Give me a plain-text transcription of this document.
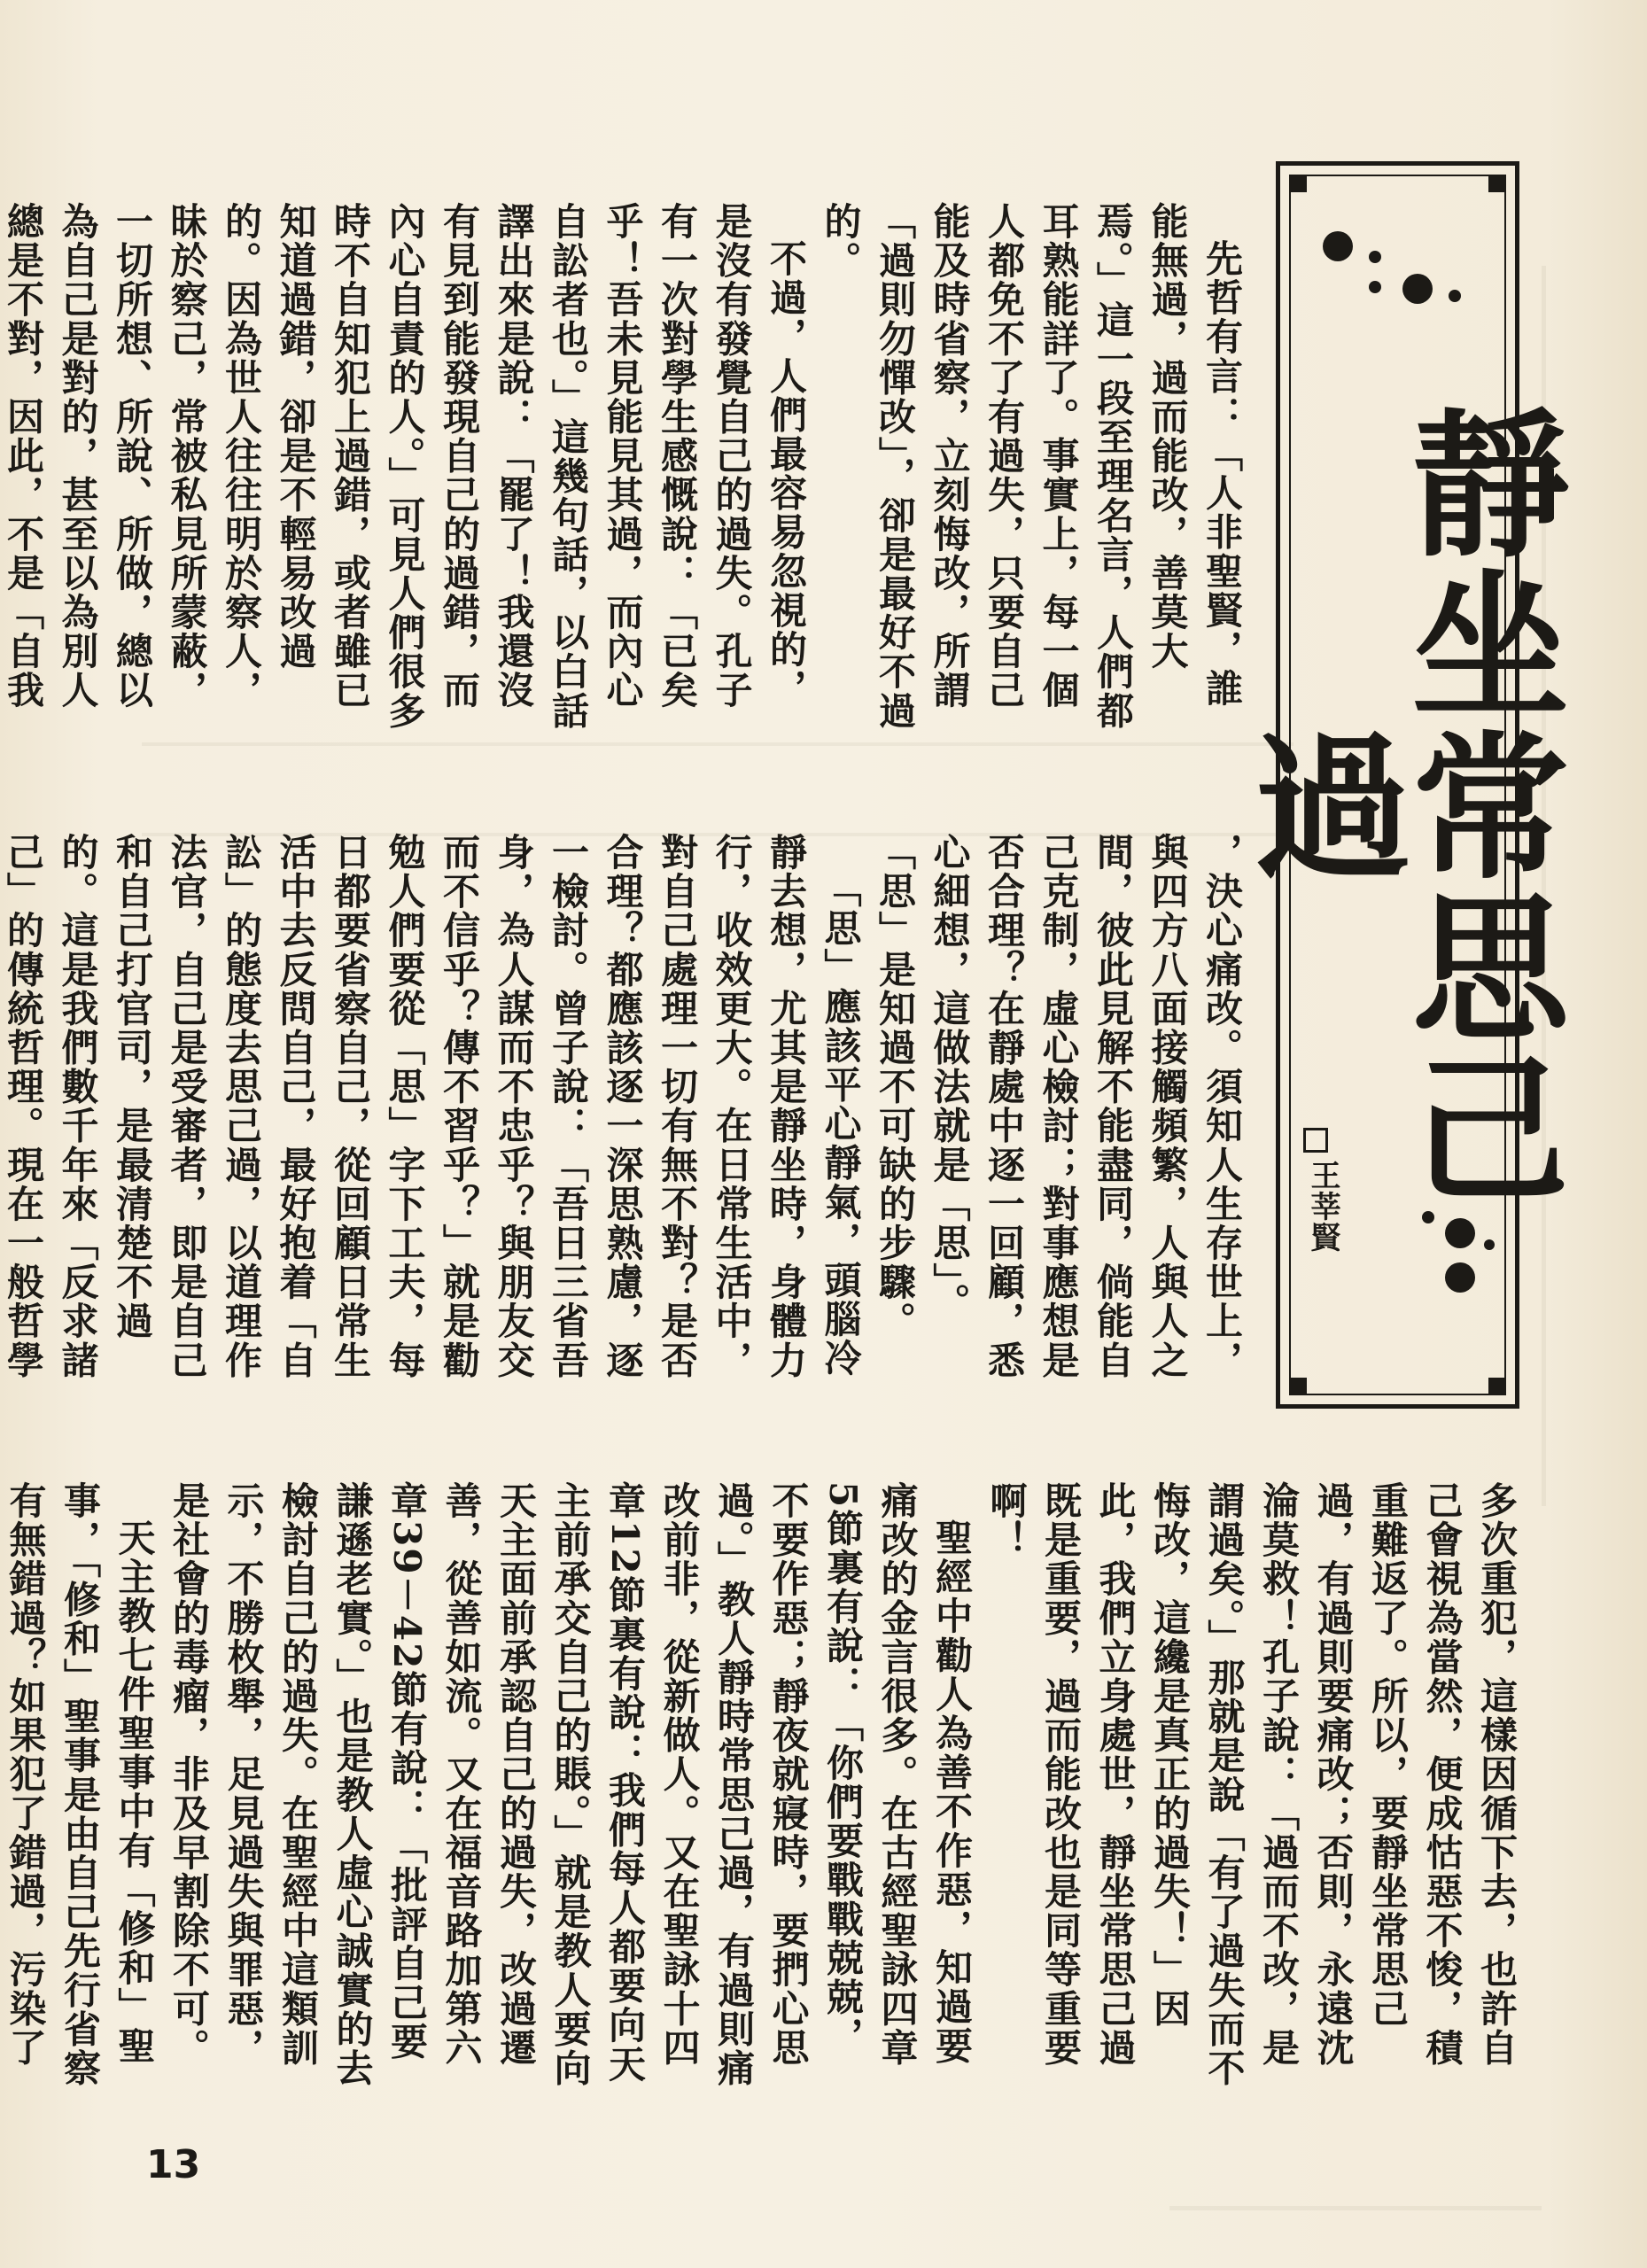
靜坐常思己過
王莘賢

先哲有言：「人非聖賢，誰能無過，過而能改，善莫大焉。」這一段至理名言，人們都耳熟能詳了。事實上，每一個人都免不了有過失，只要自己能及時省察，立刻悔改，所謂「過則勿憚改」，卻是最好不過的。

不過，人們最容易忽視的，是沒有發覺自己的過失。孔子有一次對學生感慨說：「已矣乎！吾未見能見其過，而內心自訟者也。」這幾句話，以白話譯出來是說：「罷了！我還沒有見到能發現自己的過錯，而內心自責的人。」可見人們很多時不自知犯上過錯，或者雖已知道過錯，卻是不輕易改過的。因為世人往往明於察人，昧於察己，常被私見所蒙蔽，一切所想、所說、所做，總以為自己是對的，甚至以為別人總是不對，因此，不是「自我

，決心痛改。須知人生存世上，與四方八面接觸頻繁，人與人之間，彼此見解不能盡同，倘能自己克制，虛心檢討；對事應想是否合理？在靜處中逐一回顧，悉心細想，這做法就是「思」。「思」是知過不可缺的步驟。

「思」應該平心靜氣，頭腦冷靜去想，尤其是靜坐時，身體力行，收效更大。在日常生活中，對自己處理一切有無不對？是否合理？都應該逐一深思熟慮，逐一檢討。曾子說：「吾日三省吾身，為人謀而不忠乎？與朋友交而不信乎？傳不習乎？」就是勸勉人們要從「思」字下工夫，每日都要省察自己，從回顧日常生活中去反問自己，最好抱着「自訟」的態度去思己過，以道理作法官，自己是受審者，即是自己和自己打官司，是最清楚不過的。這是我們數千年來「反求諸己」的傳統哲理。現在一般哲學

多次重犯，這樣因循下去，也許自己會視為當然，便成怙惡不悛，積重難返了。所以，要靜坐常思己過，有過則要痛改；否則，永遠沈淪莫救！孔子說：「過而不改，是謂過矣。」那就是說「有了過失而不悔改，這纔是真正的過失！」因此，我們立身處世，靜坐常思己過既是重要，過而能改也是同等重要啊！

聖經中勸人為善不作惡，知過要痛改的金言很多。在古經聖詠四章5節裏有說：「你們要戰戰兢兢，不要作惡；靜夜就寢時，要捫心思過。」教人靜時常思己過，有過則痛改前非，從新做人。又在聖詠十四章12節裏有說：我們每人都要向天主前承交自己的賬。」就是教人要向天主面前承認自己的過失，改過遷善，從善如流。又在福音路加第六章39－42節有說：「批評自己要謙遜老實。」也是教人虛心誠實的去檢討自己的過失。在聖經中這類訓示，不勝枚舉，足見過失與罪惡，是社會的毒瘤，非及早割除不可。

天主教七件聖事中有「修和」聖事，「修和」聖事是由自己先行省察有無錯過？如果犯了錯過，污染了

13
